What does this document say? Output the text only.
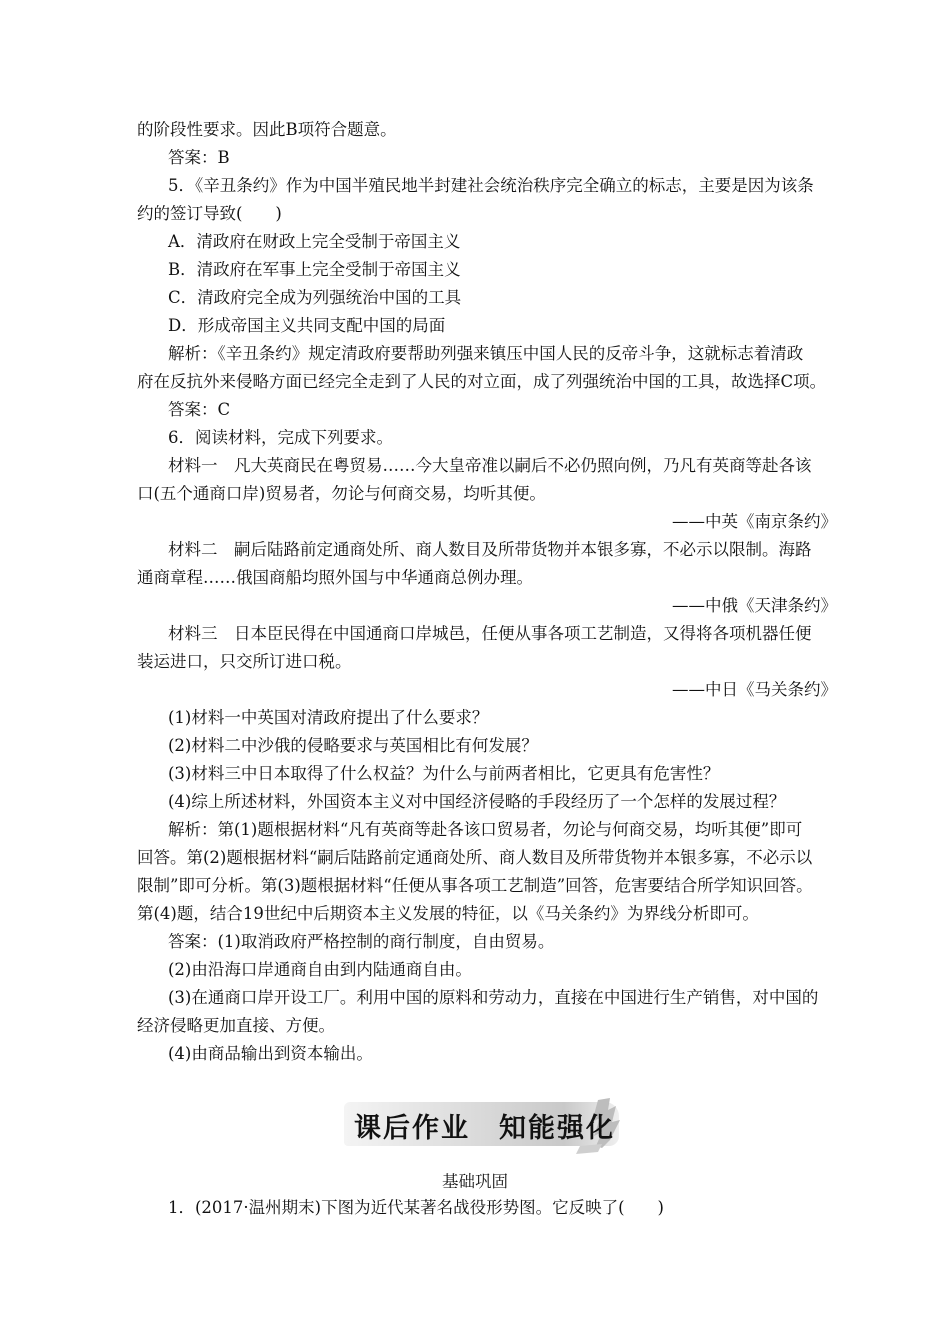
的阶段性要求。因此B项符合题意。
答案：B
5．《辛丑条约》作为中国半殖民地半封建社会统治秩序完全确立的标志，主要是因为该条
约的签订导致(　　)
A．清政府在财政上完全受制于帝国主义
B．清政府在军事上完全受制于帝国主义
C．清政府完全成为列强统治中国的工具
D．形成帝国主义共同支配中国的局面
解析：《辛丑条约》规定清政府要帮助列强来镇压中国人民的反帝斗争，这就标志着清政
府在反抗外来侵略方面已经完全走到了人民的对立面，成了列强统治中国的工具，故选择C项。
答案：C
6．阅读材料，完成下列要求。
材料一　凡大英商民在粤贸易……今大皇帝准以嗣后不必仍照向例，乃凡有英商等赴各该
口(五个通商口岸)贸易者，勿论与何商交易，均听其便。
——中英《南京条约》
材料二　嗣后陆路前定通商处所、商人数目及所带货物并本银多寡，不必示以限制。海路
通商章程……俄国商船均照外国与中华通商总例办理。
——中俄《天津条约》
材料三　日本臣民得在中国通商口岸城邑，任便从事各项工艺制造，又得将各项机器任便
装运进口，只交所订进口税。
——中日《马关条约》
(1)材料一中英国对清政府提出了什么要求？
(2)材料二中沙俄的侵略要求与英国相比有何发展？
(3)材料三中日本取得了什么权益？为什么与前两者相比，它更具有危害性？
(4)综上所述材料，外国资本主义对中国经济侵略的手段经历了一个怎样的发展过程？
解析：第(1)题根据材料“凡有英商等赴各该口贸易者，勿论与何商交易，均听其便”即可
回答。第(2)题根据材料“嗣后陆路前定通商处所、商人数目及所带货物并本银多寡，不必示以
限制”即可分析。第(3)题根据材料“任便从事各项工艺制造”回答，危害要结合所学知识回答。
第(4)题，结合19世纪中后期资本主义发展的特征，以《马关条约》为界线分析即可。
答案：(1)取消政府严格控制的商行制度，自由贸易。
(2)由沿海口岸通商自由到内陆通商自由。
(3)在通商口岸开设工厂。利用中国的原料和劳动力，直接在中国进行生产销售，对中国的
经济侵略更加直接、方便。
(4)由商品输出到资本输出。
课后作业　知能强化
基础巩固
1．(2017·温州期末)下图为近代某著名战役形势图。它反映了(　　)
